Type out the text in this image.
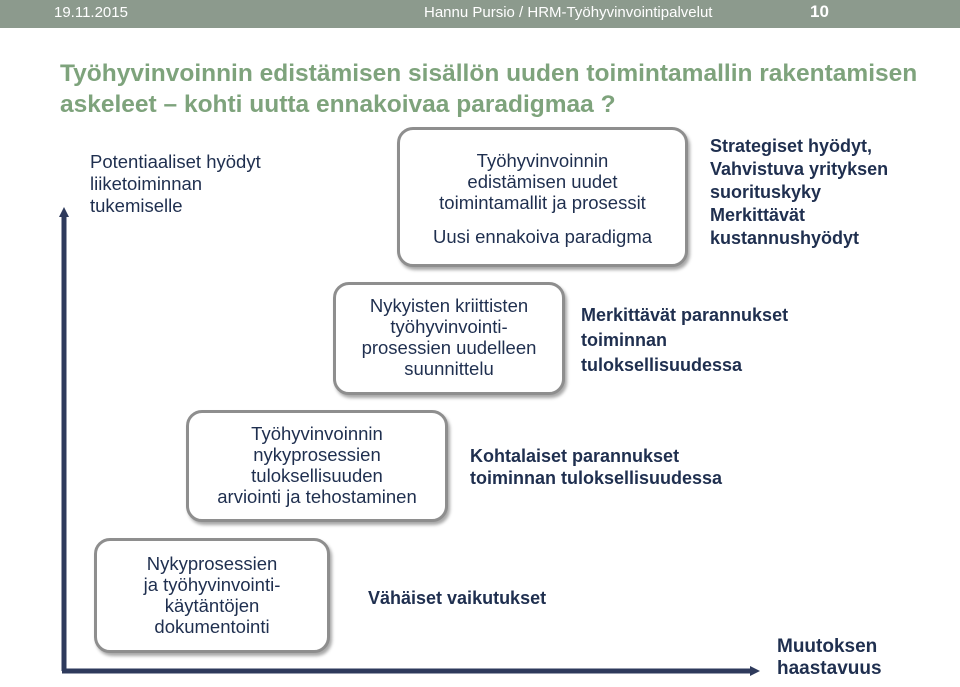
19.11.2015	Hannu Pursio / HRM-Työhyvinvointipalvelut	10
Työhyvinvoinnin edistämisen sisällön uuden toimintamallin rakentamisen
askeleet – kohti uutta ennakoivaa paradigmaa ?
Potentiaaliset hyödyt
liiketoiminnan
tukemiselle
Muutoksen
haastavuus
Nykyprosessien
ja työhyvinvointi-
käytäntöjen
dokumentointi
Vähäiset vaikutukset
Työhyvinvoinnin
nykyprosessien
tuloksellisuuden
arviointi ja tehostaminen
Kohtalaiset parannukset
toiminnan tuloksellisuudessa
Nykyisten kriittisten
työhyvinvointi-
prosessien uudelleen
suunnittelu
Merkittävät parannukset
toiminnan
tuloksellisuudessa
Työhyvinvoinnin
edistämisen uudet
toimintamallit ja prosessit
Uusi ennakoiva paradigma
Strategiset hyödyt,
Vahvistuva yrityksen
suorituskyky
Merkittävät
kustannushyödyt
